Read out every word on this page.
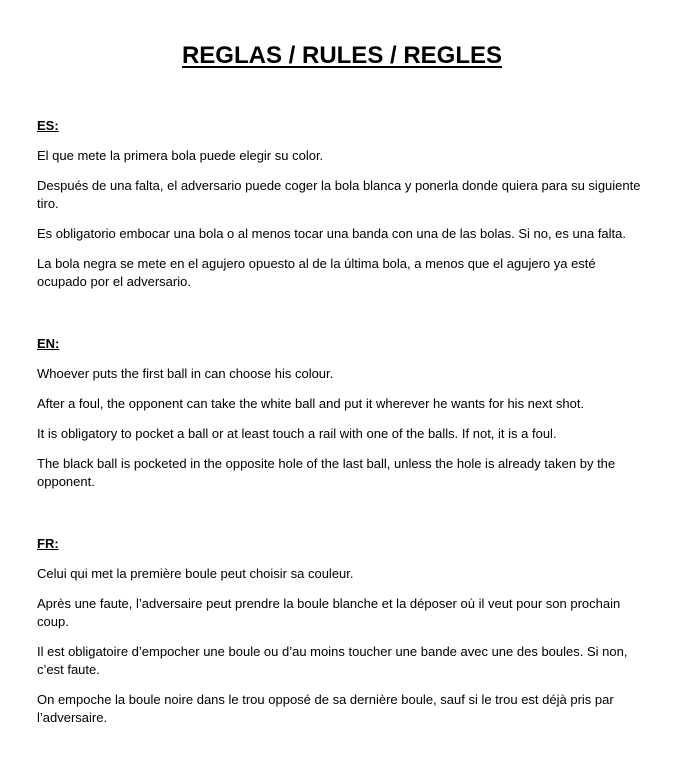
REGLAS / RULES / REGLES
ES:

El que mete la primera bola puede elegir su color.

Después de una falta, el adversario puede coger la bola blanca y ponerla donde quiera para su siguiente tiro.

Es obligatorio embocar una bola o al menos tocar una banda con una de las bolas. Si no, es una falta.

La bola negra se mete en el agujero opuesto al de la última bola, a menos que el agujero ya esté ocupado por el adversario.

EN:

Whoever puts the first ball in can choose his colour.

After a foul, the opponent can take the white ball and put it wherever he wants for his next shot.

It is obligatory to pocket a ball or at least touch a rail with one of the balls. If not, it is a foul.

The black ball is pocketed in the opposite hole of the last ball, unless the hole is already taken by the opponent.

FR:

Celui qui met la première boule peut choisir sa couleur.

Après une faute, l’adversaire peut prendre la boule blanche et la déposer où il veut pour son prochain coup.

Il est obligatoire d’empocher une boule ou d’au moins toucher une bande avec une des boules. Si non, c’est faute.

On empoche la boule noire dans le trou opposé de sa dernière boule, sauf si le trou est déjà pris par l’adversaire.
